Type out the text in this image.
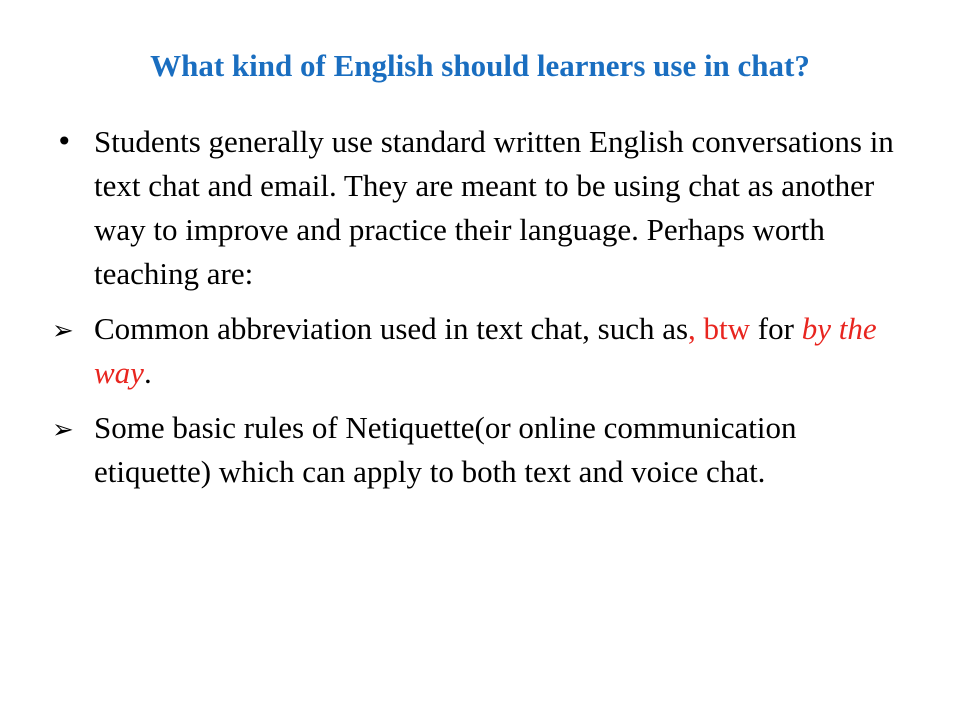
What kind of English should learners use in chat?

• Students generally use standard written English conversations in text chat and email. They are meant to be using chat as another way to improve and practice their language. Perhaps worth teaching are:

➢ Common abbreviation used in text chat, such as, btw for by the way.

➢ Some basic rules of Netiquette(or online communication etiquette) which can apply to both text and voice chat.
